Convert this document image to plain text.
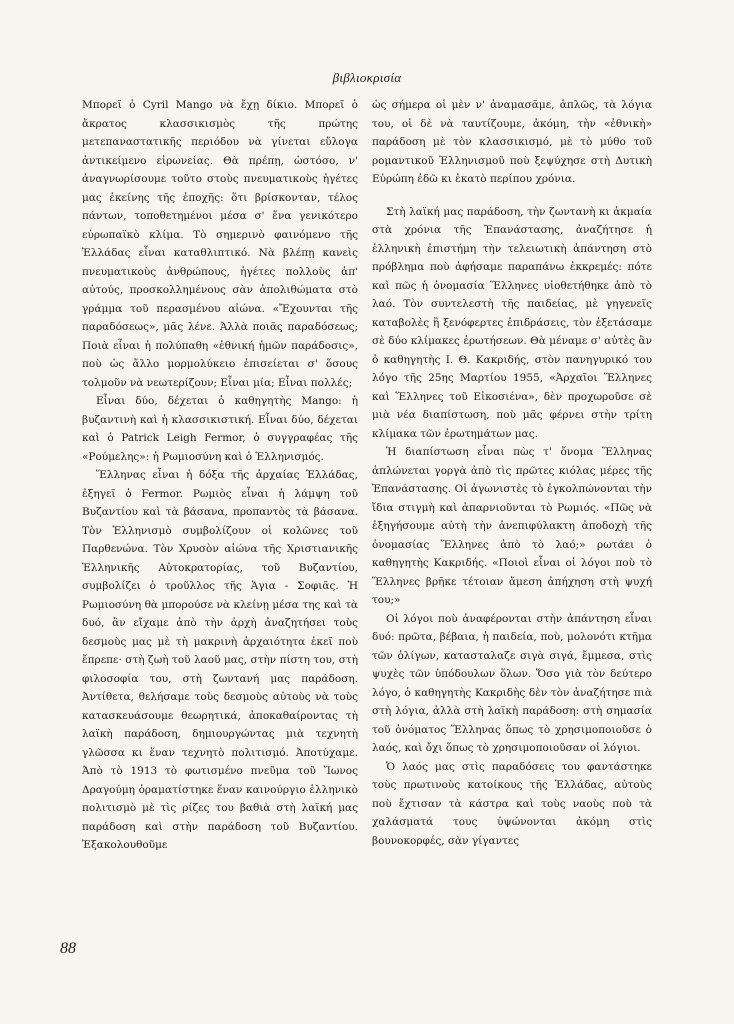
βιβλιοκρισία

Μπορεῖ ὁ Cyril Mango νὰ ἔχῃ δίκιο. Μπορεῖ ὁ ἄκρατος κλασσικισμὸς τῆς πρώτης μετεπαναστατικῆς περιόδου νὰ γίνεται εὔλογα ἀντικείμενο εἰρωνείας. Θὰ πρέπῃ, ὡστόσο, ν' ἀναγνωρίσουμε τοῦτο στοὺς πνευματικοὺς ἡγέτες μας ἐκείνης τῆς ἐποχῆς: ὅτι βρίσκονταν, τέλος πάντων, τοποθετημένοι μέσα σ' ἕνα γενικότερο εὐρωπαϊκὸ κλίμα. Τὸ σημερινὸ φαινόμενο τῆς Ἑλλάδας εἶναι καταθλιπτικό. Νὰ βλέπῃ κανεὶς πνευματικοὺς ἀνθρώπους, ἡγέτες πολλοὺς ἀπ' αὐτούς, προσκολλημένους σὰν ἀπολιθώματα στὸ γράμμα τοῦ περασμένου αἰώνα. «Ἔχουνται τῆς παραδόσεως», μᾶς λένε. Ἀλλὰ ποιᾶς παραδόσεως; Ποιὰ εἶναι ἡ πολύπαθη «ἐθνική ἡμῶν παράδοσις», ποὺ ὡς ἄλλο μορμολύκειο ἐπισείεται σ' ὅσους τολμοῦν νὰ νεωτερίζουν; Εἶναι μία; Εἶναι πολλές;

Εἶναι δύο, δέχεται ὁ καθηγητὴς Mango: ἡ βυζαντινὴ καὶ ἡ κλασσικιστική. Εἶναι δύο, δέχεται καὶ ὁ Patrick Leigh Fermor, ὁ συγγραφέας τῆς «Ρούμελης»: ἡ Ρωμιοσύνη καὶ ὁ Ἑλληνισμός.

Ἕλληνας εἶναι ἡ δόξα τῆς ἀρχαίας Ἑλλάδας, ἐξηγεῖ ὁ Fermor. Ρωμιὸς εἶναι ἡ λάμψη τοῦ Βυζαντίου καὶ τὰ βάσανα, προπαντὸς τὰ βάσανα. Τὸν Ἑλληνισμὸ συμβολίζουν οἱ κολῶνες τοῦ Παρθενώνα. Τὸν Χρυσὸν αἰώνα τῆς Χριστιανικῆς Ἑλληνικῆς Αὐτοκρατορίας, τοῦ Βυζαντίου, συμβολίζει ὁ τροῦλλος τῆς Ἁγια - Σοφιᾶς. Ἡ Ρωμιοσύνη θὰ μπορούσε νὰ κλείνῃ μέσα της καὶ τὰ δυό, ἂν εἴχαμε ἀπὸ τὴν ἀρχὴ ἀναζητήσει τοὺς δεσμοὺς μας μὲ τὴ μακρινὴ ἀρχαιότητα ἐκεῖ ποὺ ἔπρεπε· στὴ ζωὴ τοῦ λαοῦ μας, στὴν πίστη του, στὴ φιλοσοφία του, στὴ ζωντανή μας παράδοση. Ἀντίθετα, θελήσαμε τοὺς δεσμοὺς αὐτοὺς νὰ τοὺς κατασκευάσουμε θεωρητικά, ἀποκαθαίροντας τὴ λαϊκὴ παράδοση, δημιουργώντας μιὰ τεχνητὴ γλῶσσα κι ἕναν τεχνητὸ πολιτισμό. Ἀποτύχαμε. Ἀπὸ τὸ 1913 τὸ φωτισμένο πνεῦμα τοῦ Ἴωνος Δραγούμη ὁραματίστηκε ἕναν καινούργιο ἑλληνικὸ πολιτισμὸ μὲ τὶς ρίζες του βαθιὰ στὴ λαϊκή μας παράδοση καὶ στὴν παράδοση τοῦ Βυζαντίου. Ἐξακολουθοῦμε

ὡς σήμερα οἱ μὲν ν' ἀναμασᾶμε, ἁπλῶς, τὰ λόγια του, οἱ δὲ νὰ ταυτίζουμε, ἀκόμη, τὴν «ἐθνικὴ» παράδοση μὲ τὸν κλασσικισμό, μὲ τὸ μύθο τοῦ ρομαντικοῦ Ἑλληνισμοῦ ποὺ ξεψύχησε στὴ Δυτικὴ Εὐρώπη ἐδῶ κι ἑκατὸ περίπου χρόνια.

Στὴ λαϊκή μας παράδοση, τὴν ζωντανὴ κι ἀκμαία στὰ χρόνια τῆς Ἐπανάστασης, ἀναζήτησε ἡ ἑλληνικὴ ἐπιστήμη τὴν τελειωτικὴ ἀπάντηση στὸ πρόβλημα ποὺ ἀφήσαμε παραπάνω ἐκκρεμές: πότε καὶ πῶς ἡ ὀνομασία Ἕλληνες υἱοθετήθηκε ἀπὸ τὸ λαό. Τὸν συντελεστὴ τῆς παιδείας, μὲ γηγενεῖς καταβολὲς ἢ ξενόφερτες ἐπιδράσεις, τὸν ἐξετάσαμε σὲ δύο κλίμακες ἐρωτήσεων. Θὰ μέναμε σ' αὐτὲς ἂν ὁ καθηγητὴς Ι. Θ. Κακριδής, στὸν πανηγυρικό του λόγο τῆς 25ης Μαρτίου 1955, «Ἀρχαῖοι Ἕλληνες καὶ Ἕλληνες τοῦ Εἰκοσιένα», δὲν προχωροῦσε σὲ μιὰ νέα διαπίστωση, ποὺ μᾶς φέρνει στὴν τρίτη κλίμακα τῶν ἐρωτημάτων μας.

Ἡ διαπίστωση εἶναι πὼς τ' ὄνομα Ἕλληνας ἁπλώνεται γοργὰ ἀπὸ τὶς πρῶτες κιόλας μέρες τῆς Ἐπανάστασης. Οἱ ἀγωνιστὲς τὸ ἐγκολπώνονται τὴν ἴδια στιγμὴ καὶ ἀπαρνιοῦνται τὸ Ρωμιός. «Πῶς νὰ ἐξηγήσουμε αὐτὴ τὴν ἀνεπιφύλακτη ἀποδοχὴ τῆς ὀνομασίας Ἕλληνες ἀπὸ τὸ λαό;» ρωτάει ὁ καθηγητὴς Κακριδής. «Ποιοὶ εἶναι οἱ λόγοι ποὺ τὸ Ἕλληνες βρῆκε τέτοιαν ἄμεση ἀπήχηση στὴ ψυχή του;»

Οἱ λόγοι ποὺ ἀναφέρονται στὴν ἀπάντηση εἶναι δυό: πρῶτα, βέβαια, ἡ παιδεία, ποὺ, μολονότι κτῆμα τῶν ὀλίγων, κατασταλαζε σιγὰ σιγά, ἔμμεσα, στὶς ψυχὲς τῶν ὑπόδουλων ὅλων. Ὅσο γιὰ τὸν δεύτερο λόγο, ὁ καθηγητὴς Κακριδὴς δὲν τὸν ἀναζήτησε πιὰ στὴ λόγια, ἀλλὰ στὴ λαϊκὴ παράδοση: στὴ σημασία τοῦ ὀνόματος Ἕλληνας ὅπως τὸ χρησιμοποιοῦσε ὁ λαός, καὶ ὄχι ὅπως τὸ χρησιμοποιοῦσαν οἱ λόγιοι.

Ὁ λαός μας στὶς παραδόσεις του φαντάστηκε τοὺς πρωτινοὺς κατοίκους τῆς Ἑλλάδας, αὐτοὺς ποὺ ἔχτισαν τὰ κάστρα καὶ τοὺς ναοὺς ποὺ τὰ χαλάσματά τους ὑψώνονται ἀκόμη στὶς βουνοκορφές, σὰν γίγαντες

88
